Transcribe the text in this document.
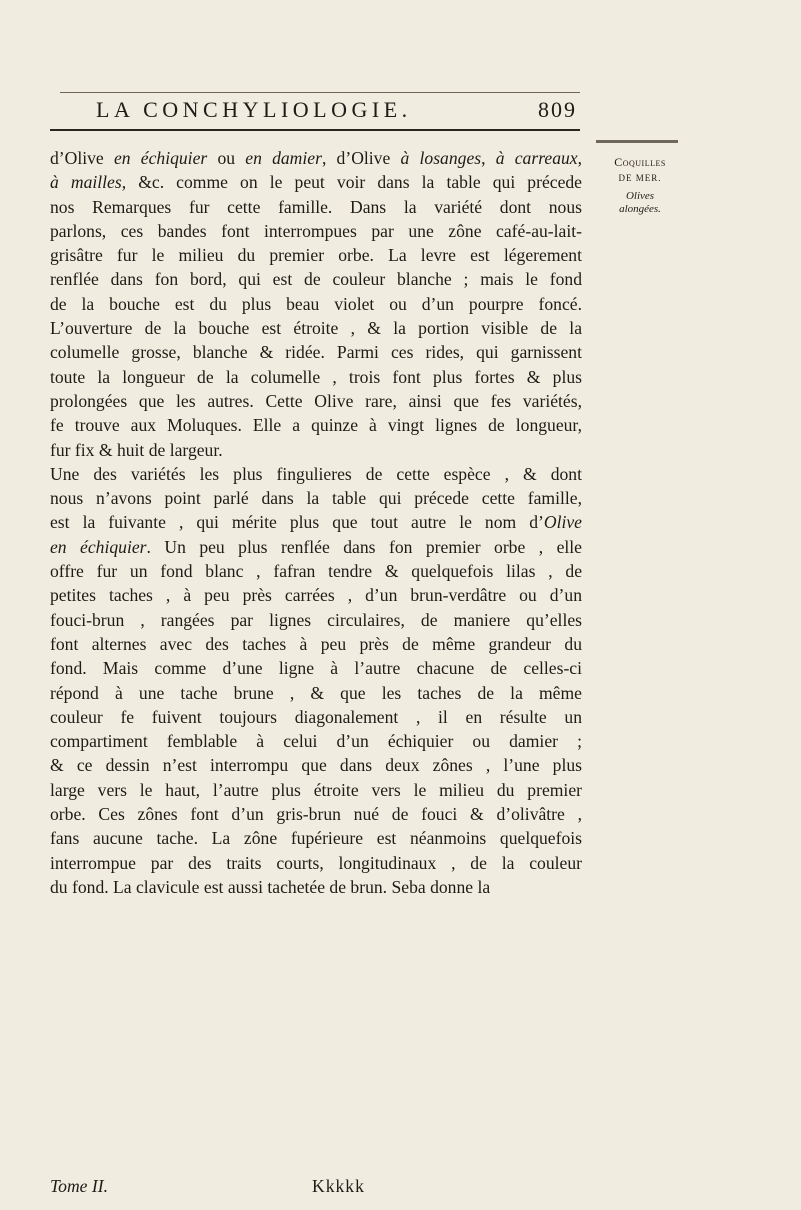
LA CONCHYLIOLOGIE.	809
Coquilles
DE MER.
Olives
alongées.
d’Olive en échiquier ou en damier, d’Olive à losanges, à carreaux,
à mailles, &c. comme on le peut voir dans la table qui précede
nos Remarques fur cette famille. Dans la variété dont nous
parlons, ces bandes font interrompues par une zône café-au-lait-
grisâtre fur le milieu du premier orbe. La levre est légerement
renflée dans fon bord, qui est de couleur blanche ; mais le fond
de la bouche est du plus beau violet ou d’un pourpre foncé.
L’ouverture de la bouche est étroite , & la portion visible de la
columelle grosse, blanche & ridée. Parmi ces rides, qui garnissent
toute la longueur de la columelle , trois font plus fortes & plus
prolongées que les autres. Cette Olive rare, ainsi que fes variétés,
fe trouve aux Moluques. Elle a quinze à vingt lignes de longueur,
fur fix & huit de largeur.
Une des variétés les plus fingulieres de cette espèce , & dont
nous n’avons point parlé dans la table qui précede cette famille,
est la fuivante , qui mérite plus que tout autre le nom d’Olive
en échiquier. Un peu plus renflée dans fon premier orbe , elle
offre fur un fond blanc , fafran tendre & quelquefois lilas , de
petites taches , à peu près carrées , d’un brun-verdâtre ou d’un
fouci-brun , rangées par lignes circulaires, de maniere qu’elles
font alternes avec des taches à peu près de même grandeur du
fond. Mais comme d’une ligne à l’autre chacune de celles-ci
répond à une tache brune , & que les taches de la même
couleur fe fuivent toujours diagonalement , il en résulte un
compartiment femblable à celui d’un échiquier ou damier ;
& ce dessin n’est interrompu que dans deux zônes , l’une plus
large vers le haut, l’autre plus étroite vers le milieu du premier
orbe. Ces zônes font d’un gris-brun nué de fouci & d’olivâtre ,
fans aucune tache. La zône fupérieure est néanmoins quelquefois
interrompue par des traits courts, longitudinaux , de la couleur
du fond. La clavicule est aussi tachetée de brun. Seba donne la
Tome II.	Kkkkk
